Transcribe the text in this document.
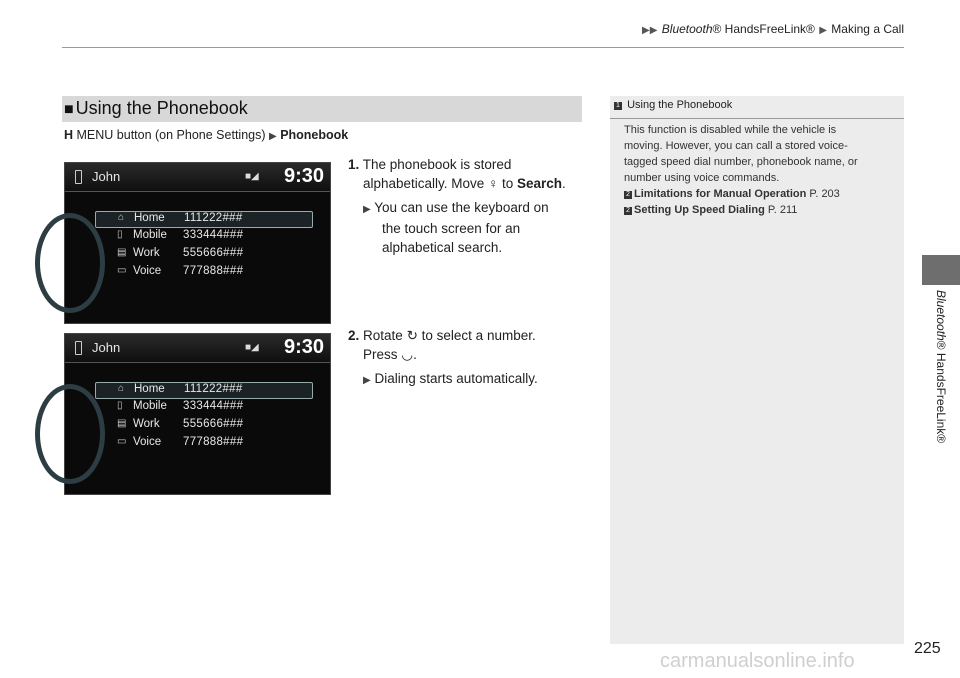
▶▶ Bluetooth® HandsFreeLink® ▶ Making a Call
Bluetooth® HandsFreeLink®
■ Using the Phonebook
H MENU button (on Phone Settings) ▶ Phonebook
1. The phonebook is stored
alphabetically. Move ♀ to Search.
▶ You can use the keyboard on
the touch screen for an
alphabetical search.
2. Rotate ↻ to select a number.
Press ◡.
▶ Dialing starts automatically.
John	■◢ 9:30
⌂ Home 111222###
▯ Mobile 333444###
▤ Work 555666###
▭ Voice 777888###
John	■◢ 9:30
⌂ Home 111222###
▯ Mobile 333444###
▤ Work 555666###
▭ Voice 777888###
1 Using the Phonebook
This function is disabled while the vehicle is
moving. However, you can call a stored voice-
tagged speed dial number, phonebook name, or
number using voice commands.
2 Limitations for Manual Operation P. 203
2 Setting Up Speed Dialing P. 211
225
carmanualsonline.info
